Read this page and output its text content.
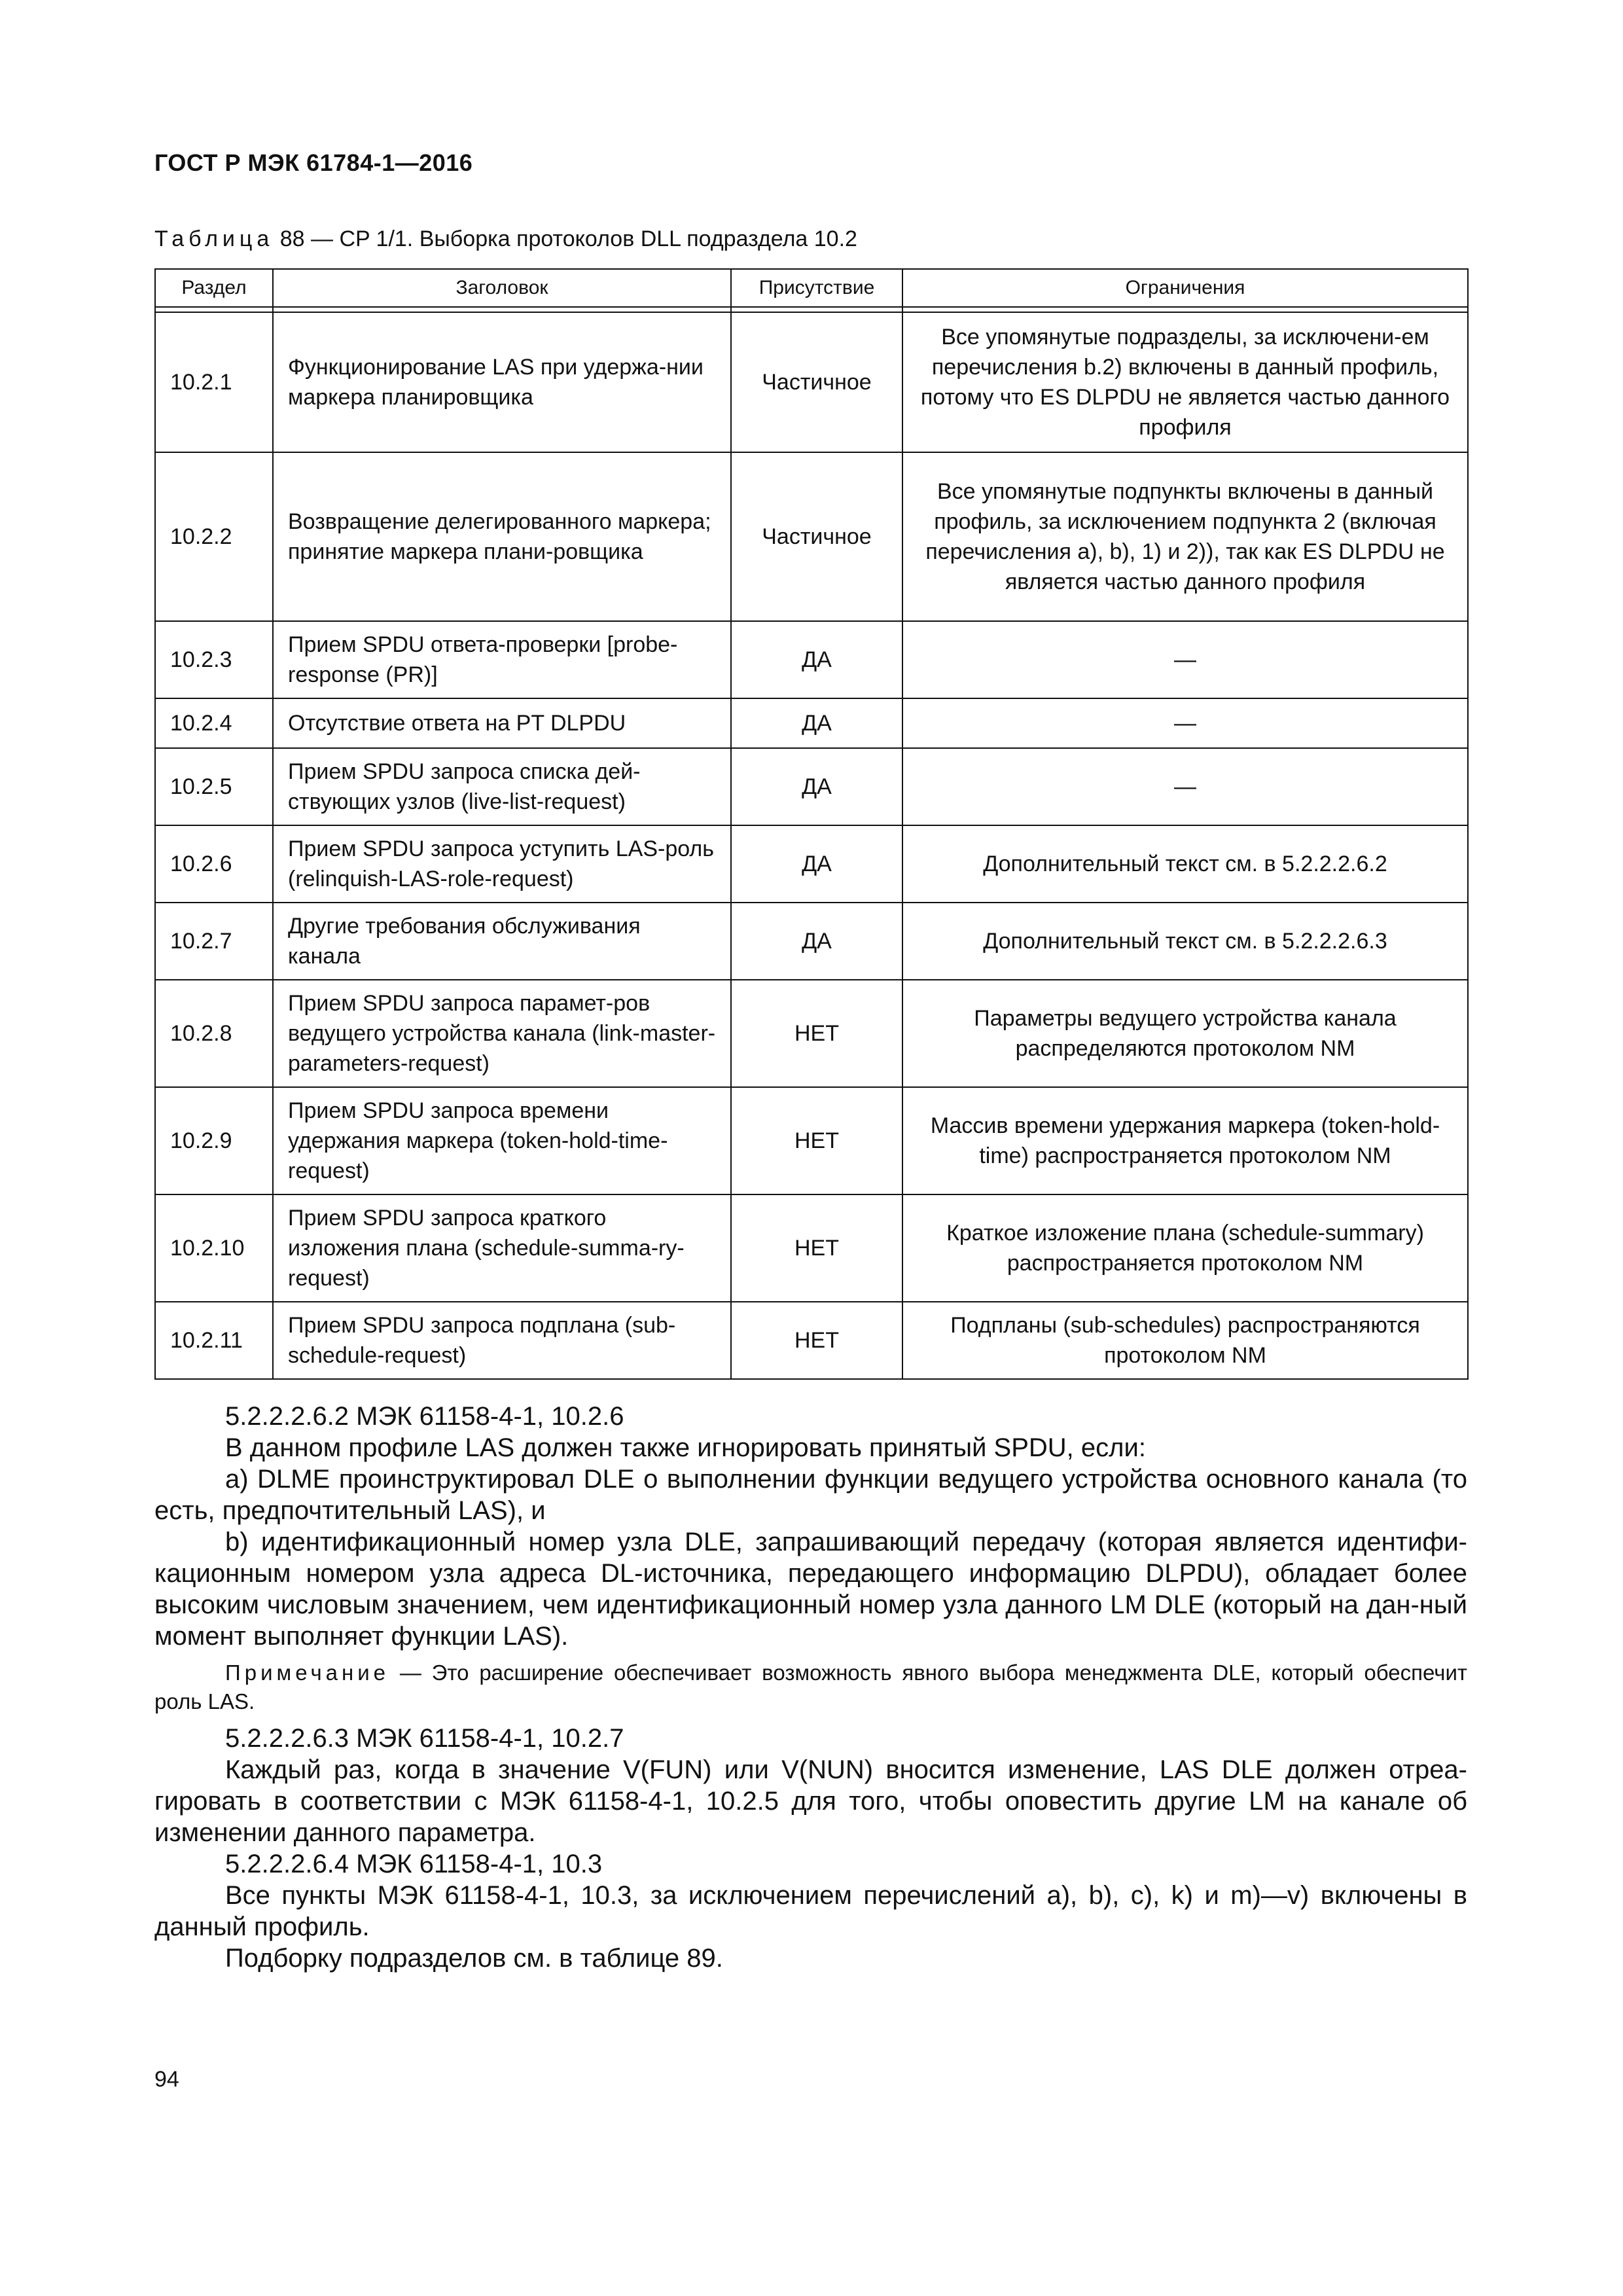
ГОСТ Р МЭК 61784-1—2016
Таблица 88 — CP 1/1. Выборка протоколов DLL подраздела 10.2
Раздел	Заголовок	Присутствие	Ограничения

10.2.1	Функционирование LAS при удержа-нии маркера планировщика	Частичное	Все упомянутые подразделы, за исключени-ем перечисления b.2) включены в данный профиль, потому что ES DLPDU не является частью данного профиля
10.2.2	Возвращение делегированного маркера; принятие маркера плани-ровщика	Частичное	Все упомянутые подпункты включены в данный профиль, за исключением подпункта 2 (включая перечисления а), b), 1) и 2)), так как ES DLPDU не является частью данного профиля
10.2.3	Прием SPDU ответа-проверки [probe-response (PR)]	ДА	—
10.2.4	Отсутствие ответа на PT DLPDU	ДА	—
10.2.5	Прием SPDU запроса списка дей-ствующих узлов (live-list-request)	ДА	—
10.2.6	Прием SPDU запроса уступить LAS-роль (relinquish-LAS-role-request)	ДА	Дополнительный текст см. в 5.2.2.2.6.2
10.2.7	Другие требования обслуживания канала	ДА	Дополнительный текст см. в 5.2.2.2.6.3
10.2.8	Прием SPDU запроса парамет-ров ведущего устройства канала (link-master-parameters-request)	НЕТ	Параметры ведущего устройства канала распределяются протоколом NM
10.2.9	Прием SPDU запроса времени удержания маркера (token-hold-time-request)	НЕТ	Массив времени удержания маркера (token-hold-time) распространяется протоколом NM
10.2.10	Прием SPDU запроса краткого изложения плана (schedule-summa-ry-request)	НЕТ	Краткое изложение плана (schedule-summary) распространяется протоколом NM
10.2.11	Прием SPDU запроса подплана (sub-schedule-request)	НЕТ	Подпланы (sub-schedules) распространяются протоколом NM

5.2.2.2.6.2 МЭК 61158-4-1, 10.2.6

В данном профиле LAS должен также игнорировать принятый SPDU, если:

a) DLME проинструктировал DLE о выполнении функции ведущего устройства основного канала (то есть, предпочтительный LAS), и

b) идентификационный номер узла DLE, запрашивающий передачу (которая является идентифи-кационным номером узла адреса DL-источника, передающего информацию DLPDU), обладает более высоким числовым значением, чем идентификационный номер узла данного LM DLE (который на дан-ный момент выполняет функции LAS).

Примечание — Это расширение обеспечивает возможность явного выбора менеджмента DLE, который обеспечит роль LAS.

5.2.2.2.6.3 МЭК 61158-4-1, 10.2.7

Каждый раз, когда в значение V(FUN) или V(NUN) вносится изменение, LAS DLE должен отреа-гировать в соответствии с МЭК 61158-4-1, 10.2.5 для того, чтобы оповестить другие LM на канале об изменении данного параметра.

5.2.2.2.6.4 МЭК 61158-4-1, 10.3

Все пункты МЭК 61158-4-1, 10.3, за исключением перечислений a), b), c), k) и m)—v) включены в данный профиль.

Подборку подразделов см. в таблице 89.

94
